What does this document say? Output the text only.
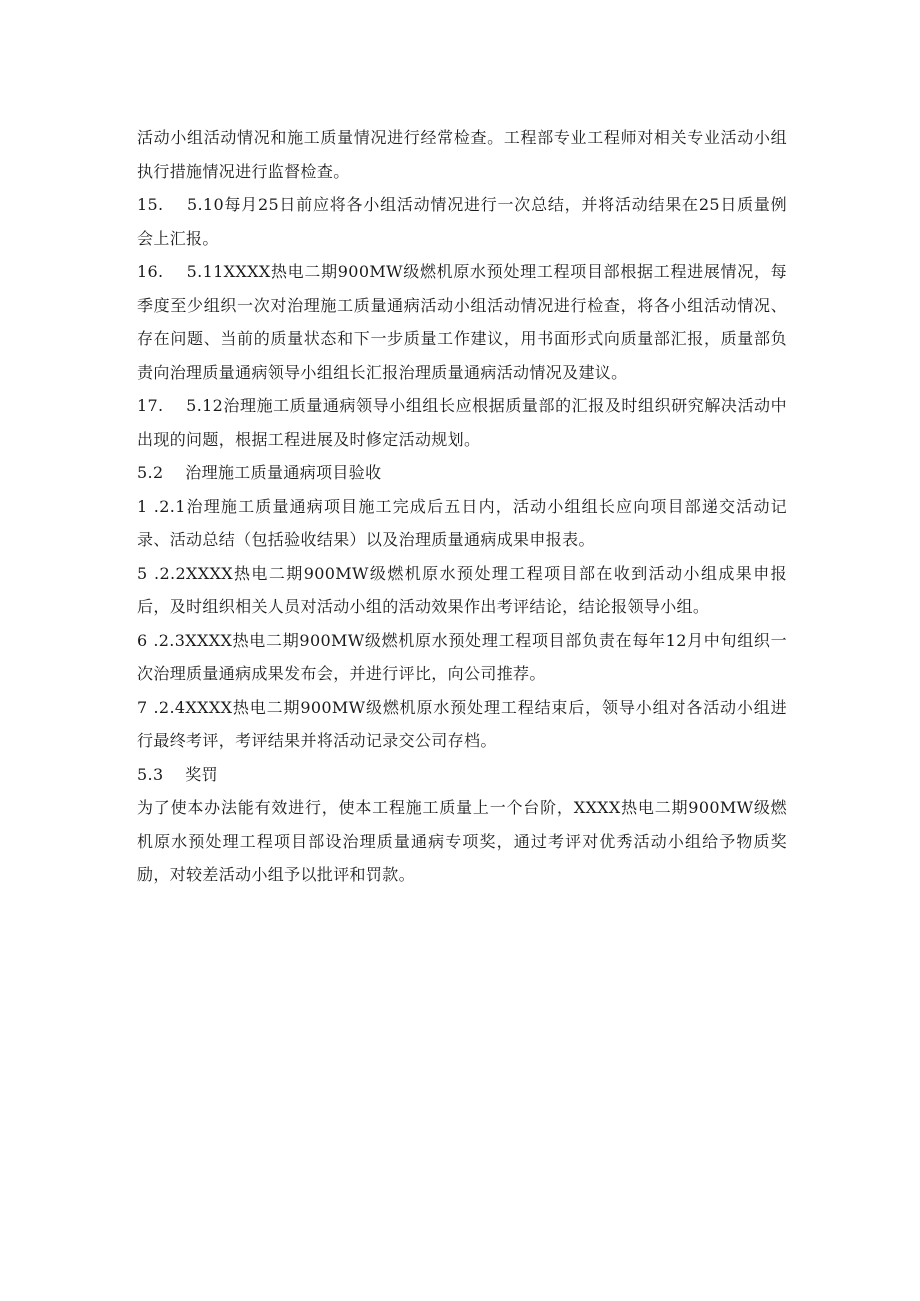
活动小组活动情况和施工质量情况进行经常检查。工程部专业工程师对相关专业活动小组执行措施情况进行监督检查。

15.    5.10每月25日前应将各小组活动情况进行一次总结，并将活动结果在25日质量例会上汇报。

16.    5.11XXXX热电二期900MW级燃机原水预处理工程项目部根据工程进展情况，每季度至少组织一次对治理施工质量通病活动小组活动情况进行检查，将各小组活动情况、存在问题、当前的质量状态和下一步质量工作建议，用书面形式向质量部汇报，质量部负责向治理质量通病领导小组组长汇报治理质量通病活动情况及建议。

17.    5.12治理施工质量通病领导小组组长应根据质量部的汇报及时组织研究解决活动中出现的问题，根据工程进展及时修定活动规划。

5.2    治理施工质量通病项目验收

1 .2.1治理施工质量通病项目施工完成后五日内，活动小组组长应向项目部递交活动记录、活动总结（包括验收结果）以及治理质量通病成果申报表。

5 .2.2XXXX热电二期900MW级燃机原水预处理工程项目部在收到活动小组成果申报后，及时组织相关人员对活动小组的活动效果作出考评结论，结论报领导小组。

6 .2.3XXXX热电二期900MW级燃机原水预处理工程项目部负责在每年12月中旬组织一次治理质量通病成果发布会，并进行评比，向公司推荐。

7 .2.4XXXX热电二期900MW级燃机原水预处理工程结束后，领导小组对各活动小组进行最终考评，考评结果并将活动记录交公司存档。

5.3    奖罚

为了使本办法能有效进行，使本工程施工质量上一个台阶，XXXX热电二期900MW级燃机原水预处理工程项目部设治理质量通病专项奖，通过考评对优秀活动小组给予物质奖励，对较差活动小组予以批评和罚款。
